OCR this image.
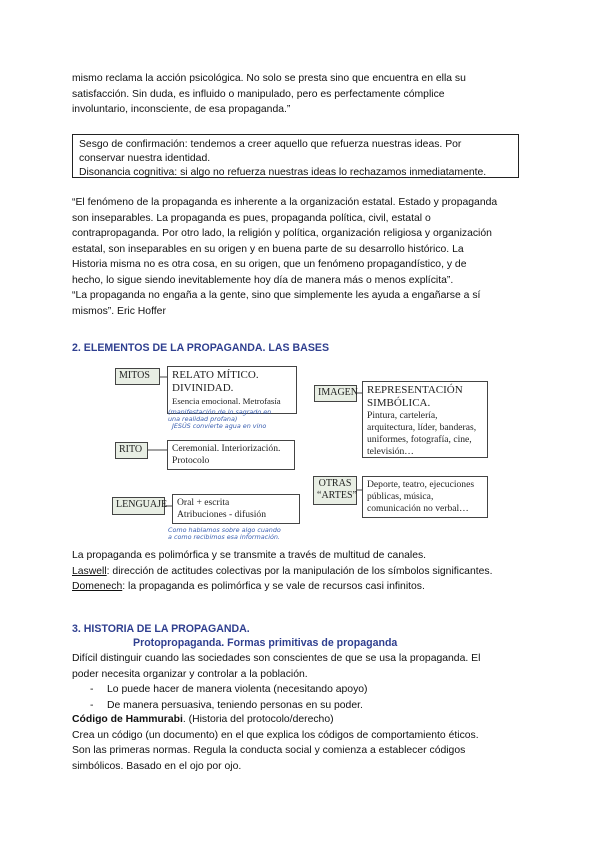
mismo reclama la acción psicológica. No solo se presta sino que encuentra en ella su
satisfacción. Sin duda, es influido o manipulado, pero es perfectamente cómplice
involuntario, inconsciente, de esa propaganda.”

Sesgo de confirmación: tendemos a creer aquello que refuerza nuestras ideas. Por
conservar nuestra identidad.
Disonancia cognitiva: si algo no refuerza nuestras ideas lo rechazamos inmediatamente.

“El fenómeno de la propaganda es inherente a la organización estatal. Estado y propaganda
son inseparables. La propaganda es pues, propaganda política, civil, estatal o
contrapropaganda. Por otro lado, la religión y política, organización religiosa y organización
estatal, son inseparables en su origen y en buena parte de su desarrollo histórico. La
Historia misma no es otra cosa, en su origen, que un fenómeno propagandístico, y de
hecho, lo sigue siendo inevitablemente hoy día de manera más o menos explícita”.
“La propaganda no engaña a la gente, sino que simplemente les ayuda a engañarse a sí
mismos”. Eric Hoffer

2. ELEMENTOS DE LA PROPAGANDA. LAS BASES
MITOS	RELATO MÍTICO.
DIVINIDAD.
Esencia emocional. Metrofasía
(manifestación de lo sagrado en
una realidad profana)
JESÚS convierte agua en vino
RITO	Ceremonial. Interiorización.
Protocolo
LENGUAJE	Oral + escrita
Atribuciones - difusión
Como hablamos sobre algo cuando
a como recibimos esa información.
IMAGEN REPRESENTACIÓN
SIMBÓLICA.
Pintura, cartelería,
arquitectura, líder, banderas,
uniformes, fotografía, cine,
televisión…
OTRAS
“ARTES”
Deporte, teatro, ejecuciones
públicas, música,
comunicación no verbal…

La propaganda es polimórfica y se transmite a través de multitud de canales.
Laswell: dirección de actitudes colectivas por la manipulación de los símbolos significantes.
Domenech: la propaganda es polimórfica y se vale de recursos casi infinitos.

3. HISTORIA DE LA PROPAGANDA.
Protopropaganda. Formas primitivas de propaganda

Difícil distinguir cuando las sociedades son conscientes de que se usa la propaganda. El
poder necesita organizar y controlar a la población.

- Lo puede hacer de manera violenta (necesitando apoyo)
- De manera persuasiva, teniendo personas en su poder.

Código de Hammurabi. (Historia del protocolo/derecho)
Crea un código (un documento) en el que explica los códigos de comportamiento éticos.
Son las primeras normas. Regula la conducta social y comienza a establecer códigos
simbólicos. Basado en el ojo por ojo.
